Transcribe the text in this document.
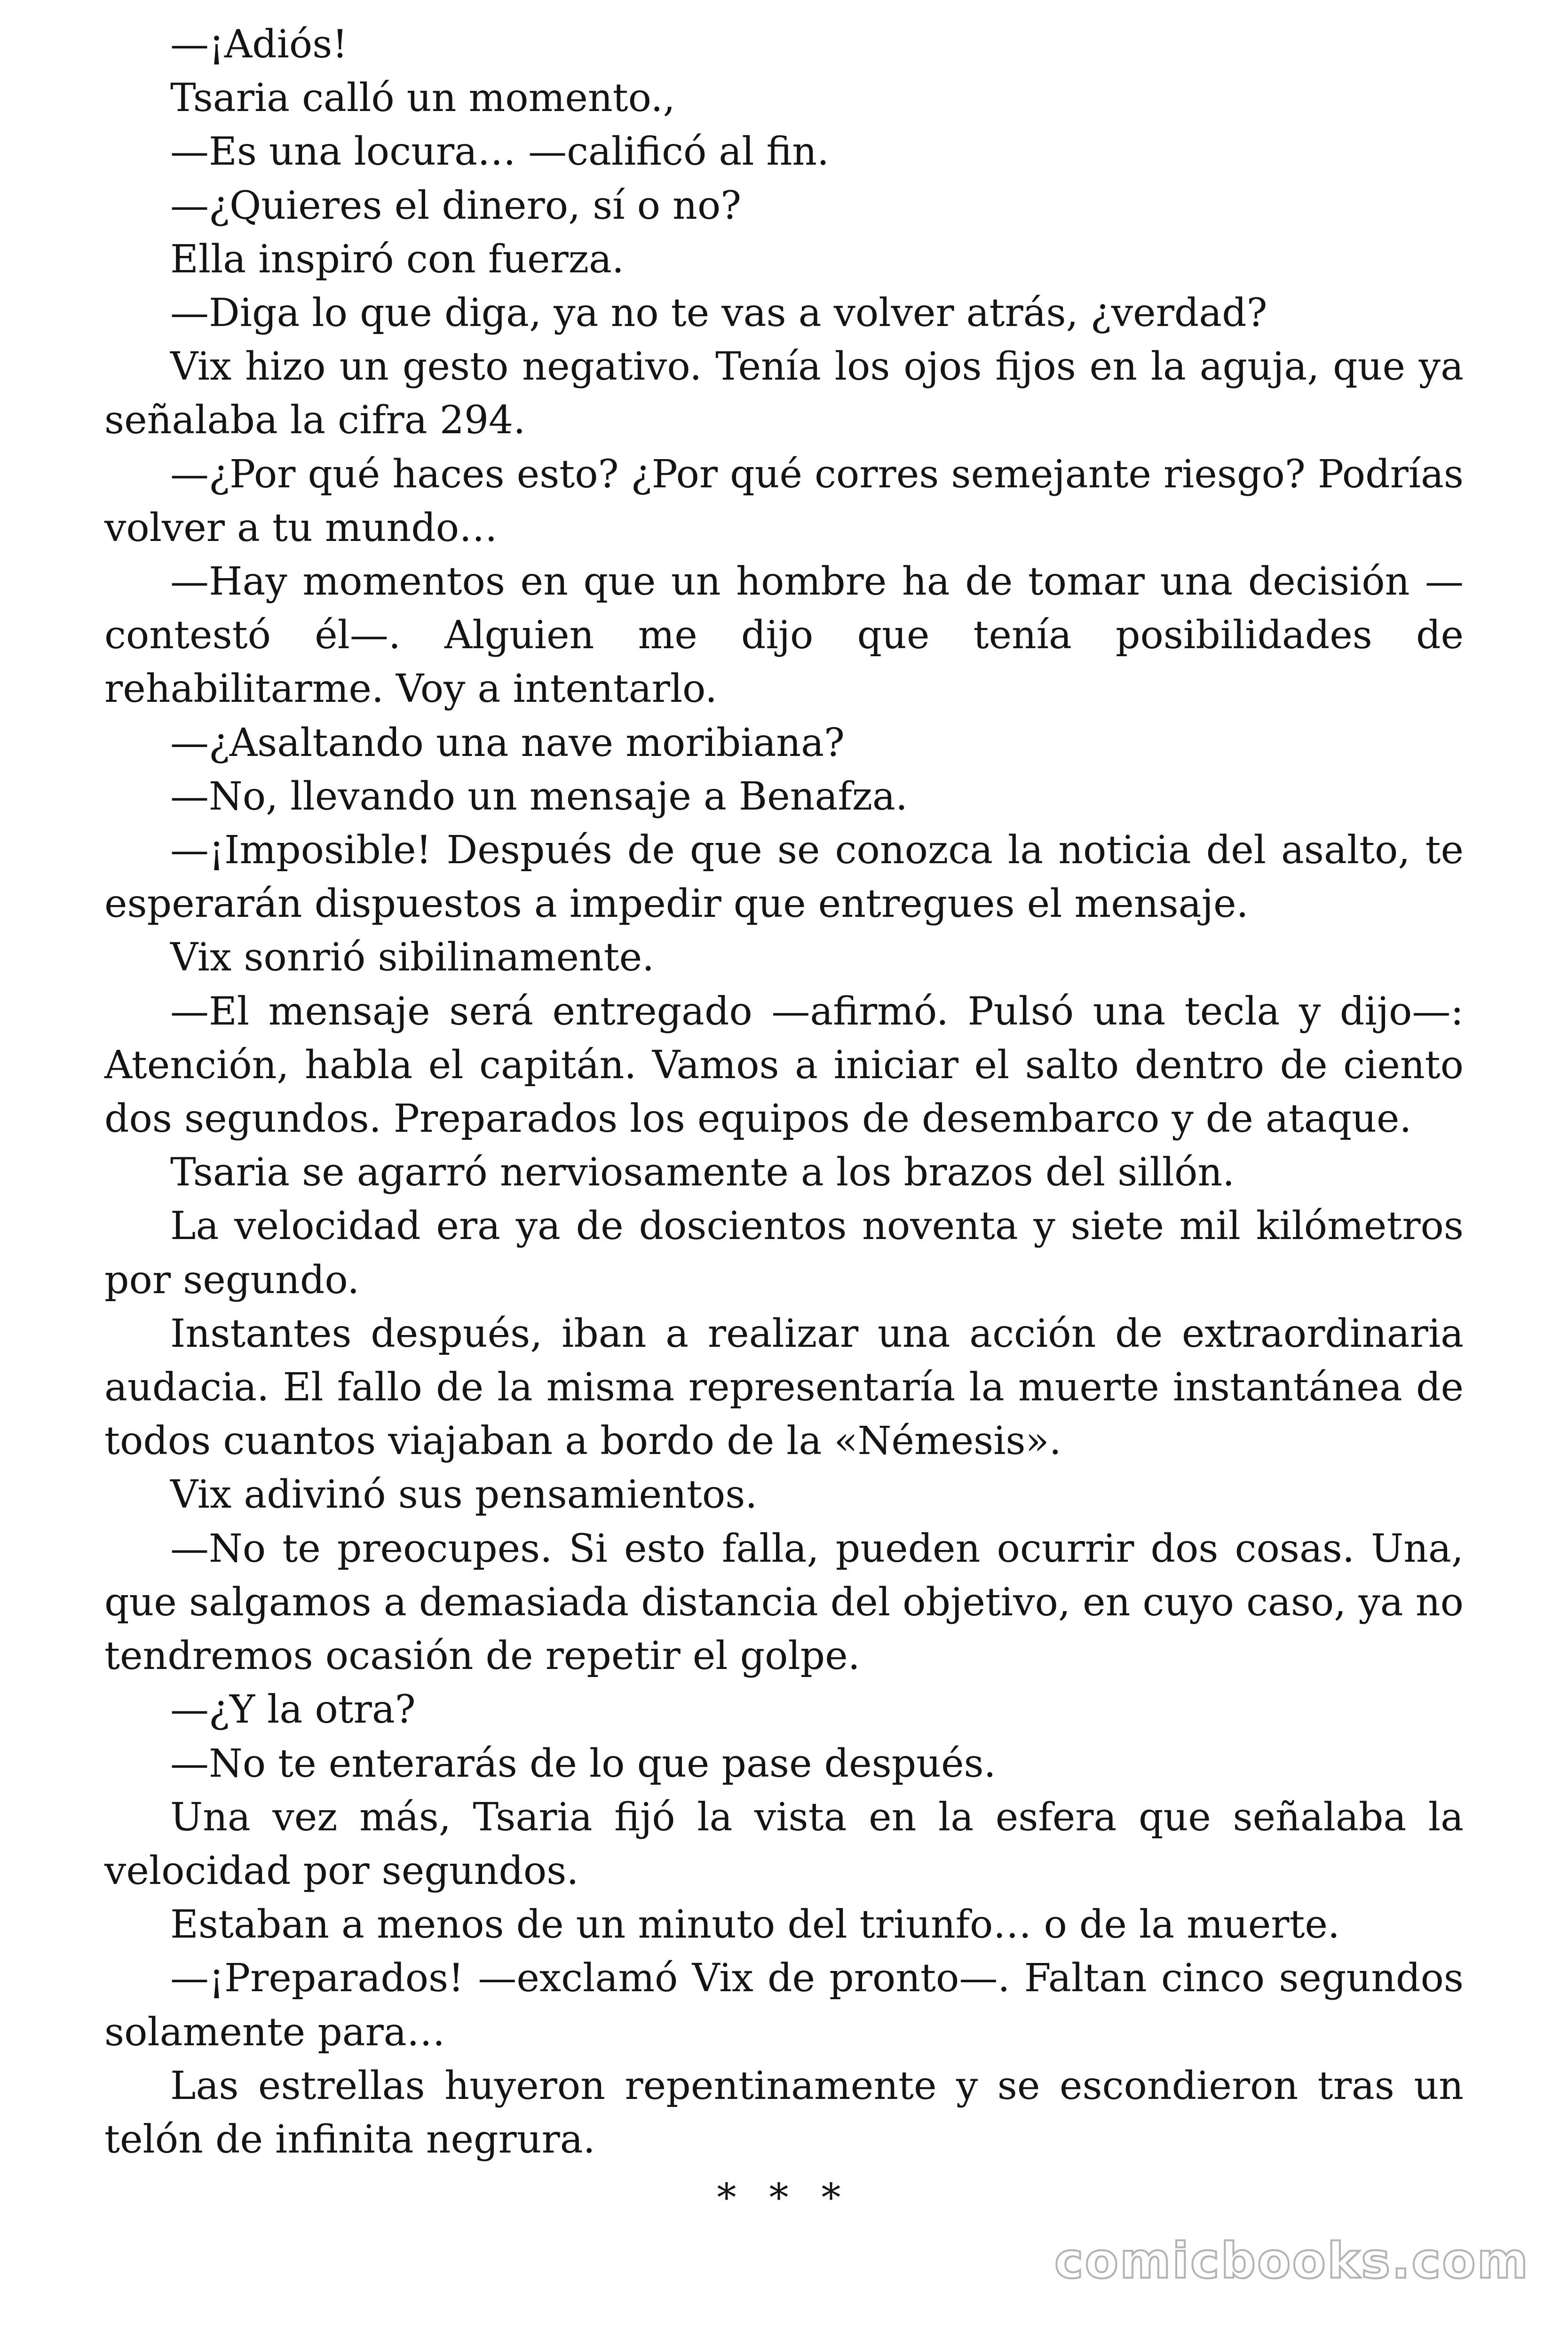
—¡Adiós!

Tsaria calló un momento.,

—Es una locura… —calificó al fin.

—¿Quieres el dinero, sí o no?

Ella inspiró con fuerza.

—Diga lo que diga, ya no te vas a volver atrás, ¿verdad?

Vix hizo un gesto negativo. Tenía los ojos fijos en la aguja, que ya señalaba la cifra 294.

—¿Por qué haces esto? ¿Por qué corres semejante riesgo? Podrías volver a tu mundo…

—Hay momentos en que un hombre ha de tomar una decisión —contestó él—. Alguien me dijo que tenía posibilidades de rehabilitarme. Voy a intentarlo.

—¿Asaltando una nave moribiana?

—No, llevando un mensaje a Benafza.

—¡Imposible! Después de que se conozca la noticia del asalto, te esperarán dispuestos a impedir que entregues el mensaje.

Vix sonrió sibilinamente.

—El mensaje será entregado —afirmó. Pulsó una tecla y dijo—: Atención, habla el capitán. Vamos a iniciar el salto dentro de ciento dos segundos. Preparados los equipos de desembarco y de ataque.

Tsaria se agarró nerviosamente a los brazos del sillón.

La velocidad era ya de doscientos noventa y siete mil kilómetros por segundo.

Instantes después, iban a realizar una acción de extraordinaria audacia. El fallo de la misma representaría la muerte instantánea de todos cuantos viajaban a bordo de la «Némesis».

Vix adivinó sus pensamientos.

—No te preocupes. Si esto falla, pueden ocurrir dos cosas. Una, que salgamos a demasiada distancia del objetivo, en cuyo caso, ya no tendremos ocasión de repetir el golpe.

—¿Y la otra?

—No te enterarás de lo que pase después.

Una vez más, Tsaria fijó la vista en la esfera que señalaba la velocidad por segundos.

Estaban a menos de un minuto del triunfo… o de la muerte.

—¡Preparados! —exclamó Vix de pronto—. Faltan cinco segundos solamente para…

Las estrellas huyeron repentinamente y se escondieron tras un telón de infinita negrura.

* * *
comicbooks.com
